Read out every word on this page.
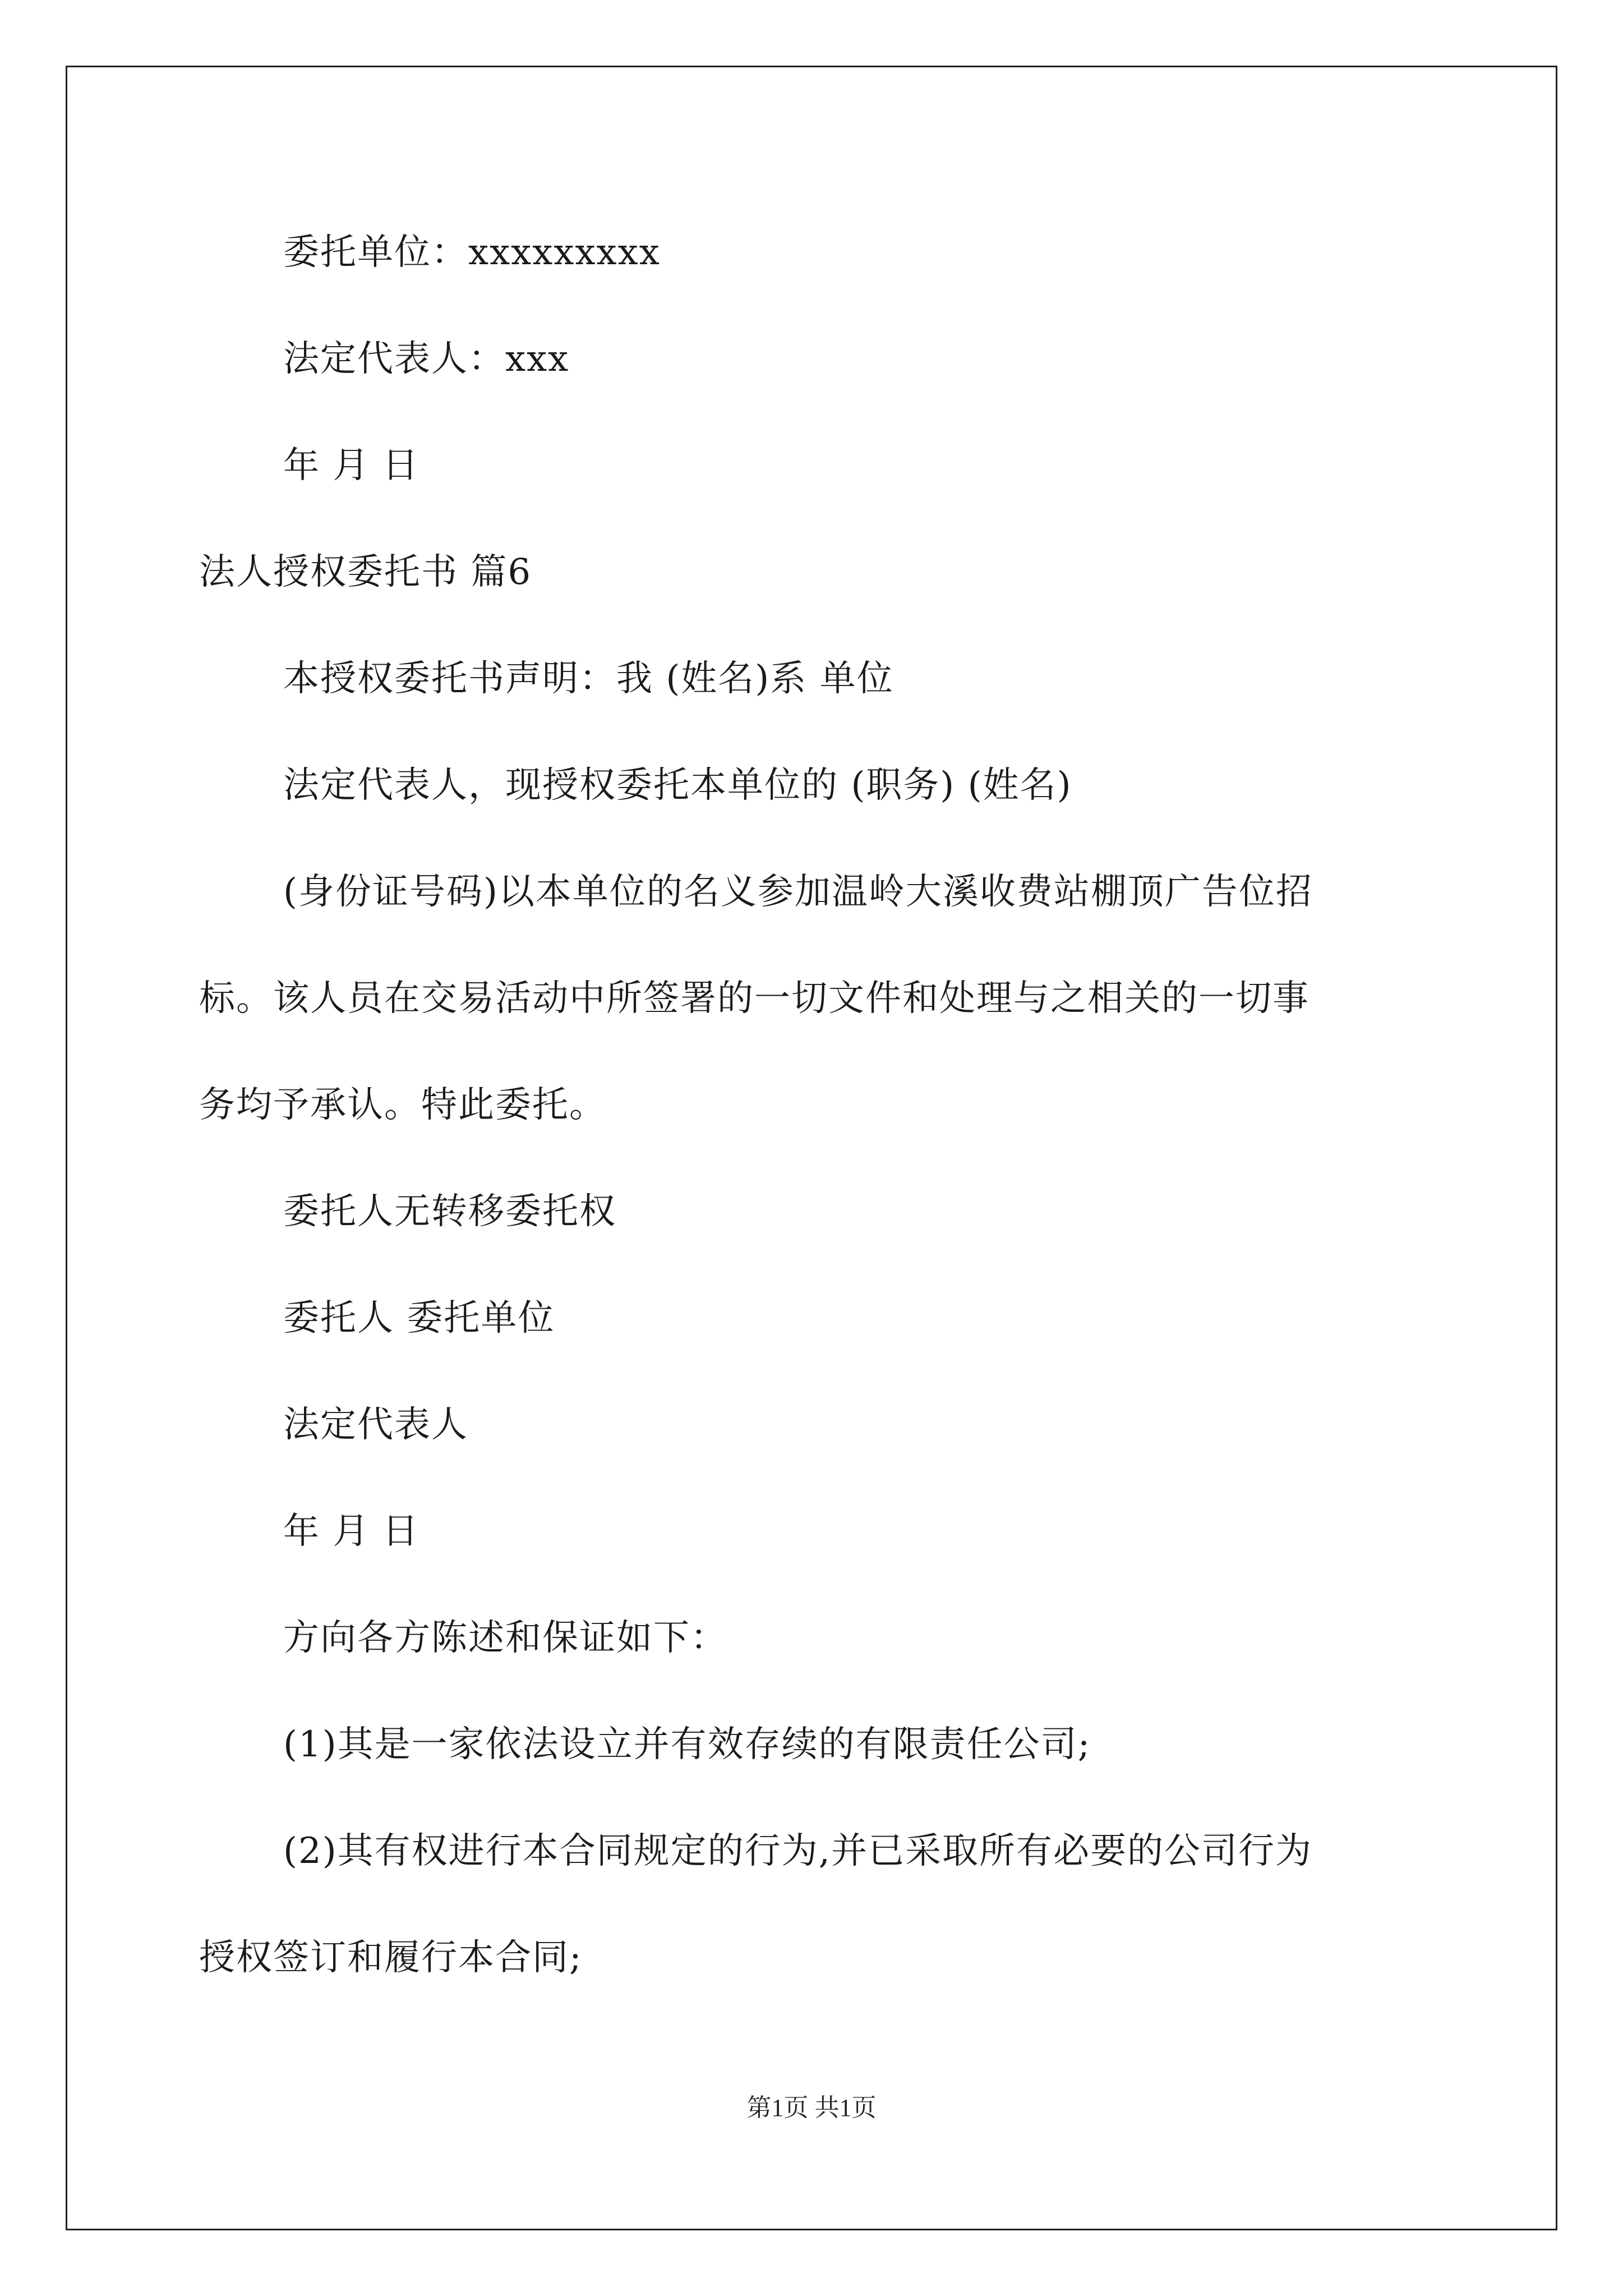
委托单位：xxxxxxxxx
法定代表人：xxx
年 月 日
法人授权委托书 篇6
本授权委托书声明：我 (姓名)系 单位
法定代表人，现授权委托本单位的 (职务) (姓名)
(身份证号码)以本单位的名义参加温岭大溪收费站棚顶广告位招
标。该人员在交易活动中所签署的一切文件和处理与之相关的一切事
务均予承认。特此委托。
委托人无转移委托权
委托人 委托单位
法定代表人
年 月 日
方向各方陈述和保证如下：
(1)其是一家依法设立并有效存续的有限责任公司;
(2)其有权进行本合同规定的行为,并已采取所有必要的公司行为
授权签订和履行本合同;
第1页 共1页
